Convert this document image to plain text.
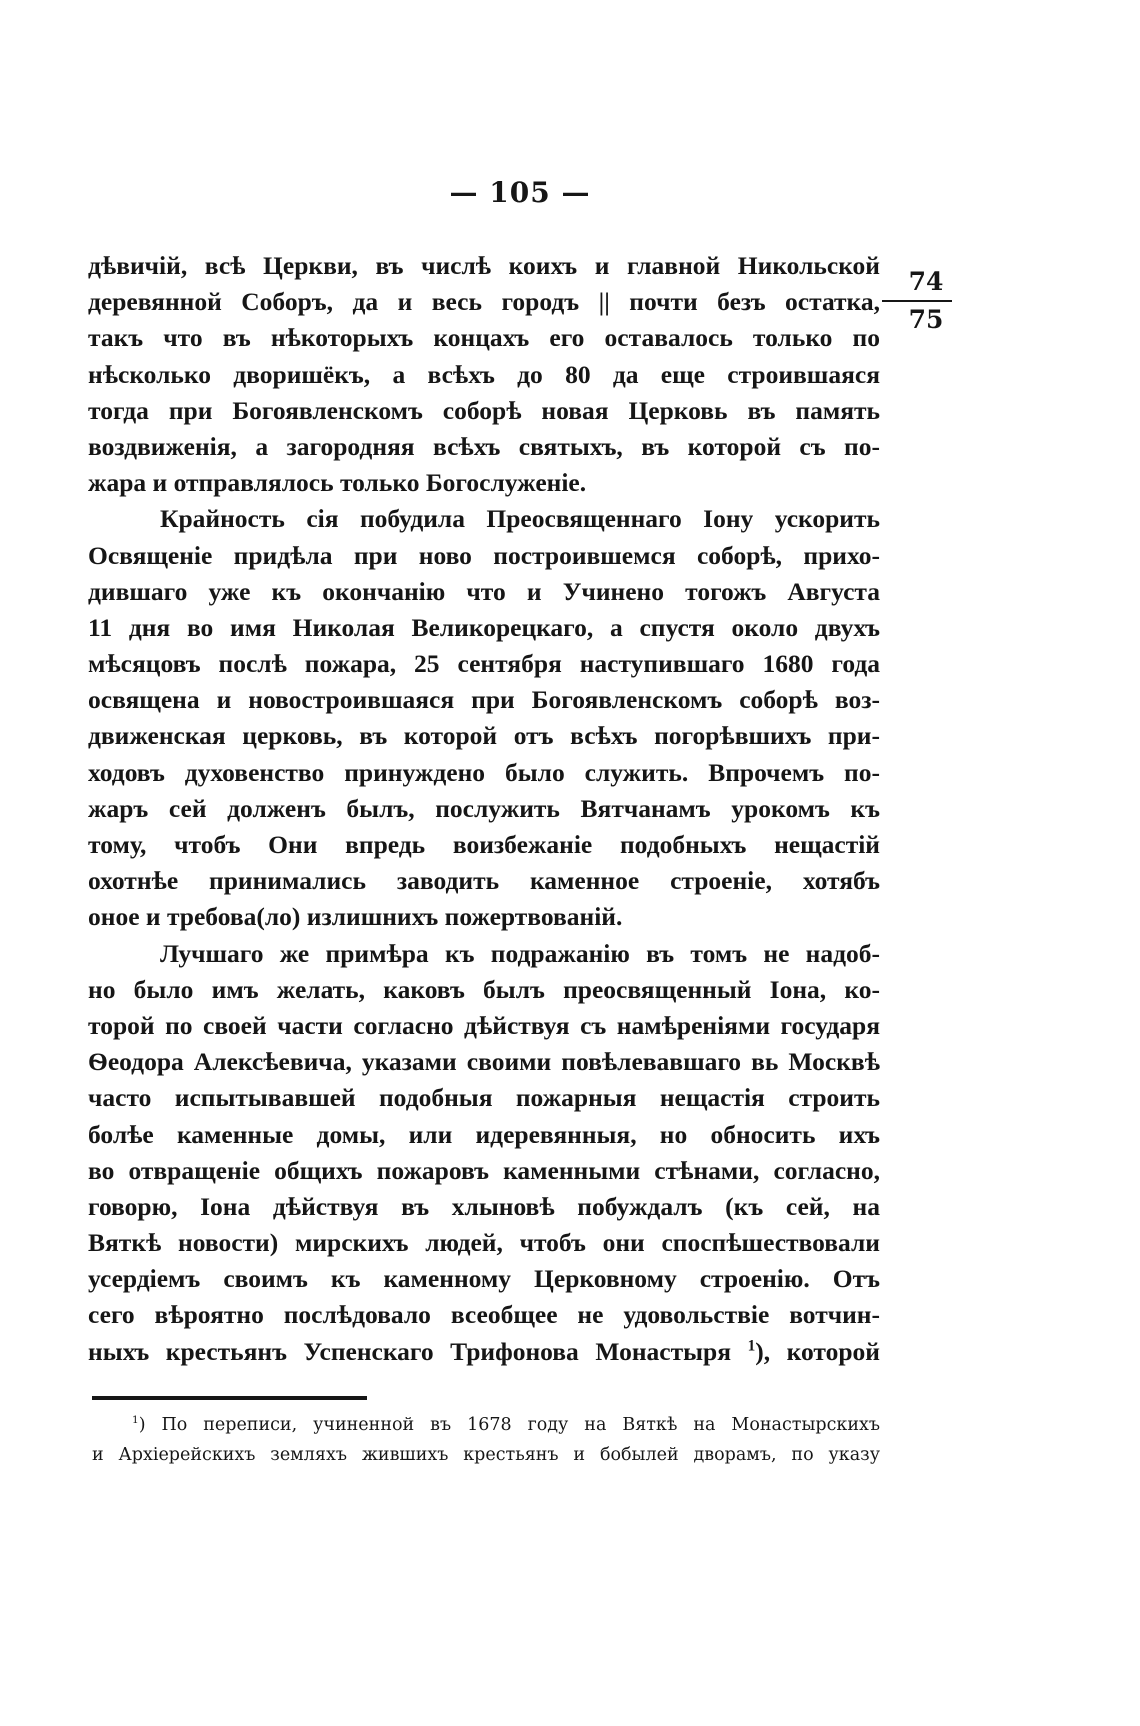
— 105 —
74
75
дѣвичій, всѣ Церкви, въ числѣ коихъ и главной Никольской
деревянной Соборъ, да и весь городъ || почти безъ остатка,
такъ что въ нѣкоторыхъ концахъ его оставалось только по
нѣсколько дворишёкъ, а всѣхъ до 80 да еще строившаяся
тогда при Богоявленскомъ соборѣ новая Церковь въ память
воздвиженія, а загородняя всѣхъ святыхъ, въ которой съ по-
жара и отправлялось только Богослуженіе.
Крайность сія побудила Преосвященнаго Іону ускорить
Освященіе придѣла при ново построившемся соборѣ, прихо-
дившаго уже къ окончанію что и Учинено тогожъ Августа
11 дня во имя Николая Великорецкаго, а спустя около двухъ
мѣсяцовъ послѣ пожара, 25 сентября наступившаго 1680 года
освящена и новостроившаяся при Богоявленскомъ соборѣ воз-
движенская церковь, въ которой отъ всѣхъ погорѣвшихъ при-
ходовъ духовенство принуждено было служить. Впрочемъ по-
жаръ сей долженъ былъ, послужить Вятчанамъ урокомъ къ
тому, чтобъ Они впредь воизбежаніе подобныхъ нещастій
охотнѣе принимались заводить каменное строеніе, хотябъ
оное и требова(ло) излишнихъ пожертвованій.
Лучшаго же примѣра къ подражанію въ томъ не надоб-
но было имъ желать, каковъ былъ преосвященный Іона, ко-
торой по своей части согласно дѣйствуя съ намѣреніями государя
Ѳеодора Алексѣевича, указами своими повѣлевавшаго вь Москвѣ
часто испытывавшей подобныя пожарныя нещастія строить
болѣе каменные домы, или идеревянныя, но обносить ихъ
во отвращеніе общихъ пожаровъ каменными стѣнами, согласно,
говорю, Іона дѣйствуя въ хлыновѣ побуждалъ (къ сей, на
Вяткѣ новости) мирскихъ людей, чтобъ они споспѣшествовали
усердіемъ своимъ къ каменному Церковному строенію. Отъ
сего вѣроятно послѣдовало всеобщее не удовольствіе вотчин-
ныхъ крестьянъ Успенскаго Трифонова Монастыря $^1$), которой
$^1$) По переписи, учиненной въ 1678 году на Вяткѣ на Монастырскихъ
и Архіерейскихъ земляхъ жившихъ крестьянъ и бобылей дворамъ, по указу
